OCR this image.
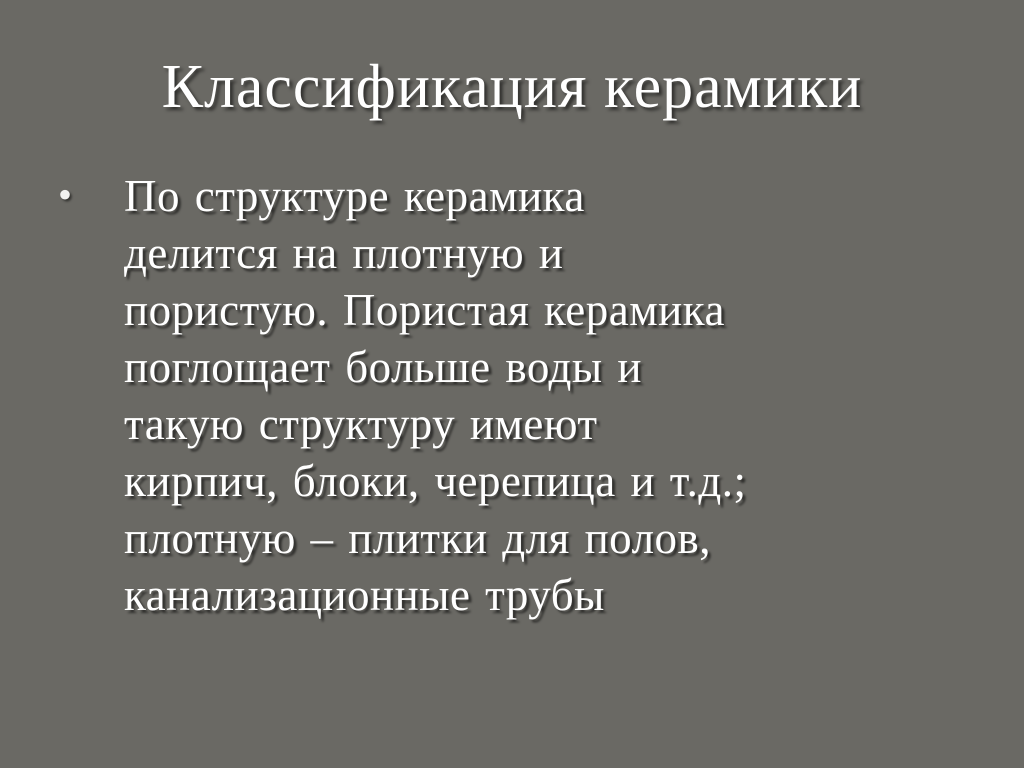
Классификация керамики
• По структуре керамика
делится на плотную и
пористую. Пористая керамика
поглощает больше воды и
такую структуру имеют
кирпич, блоки, черепица и т.д.;
плотную – плитки для полов,
канализационные трубы
